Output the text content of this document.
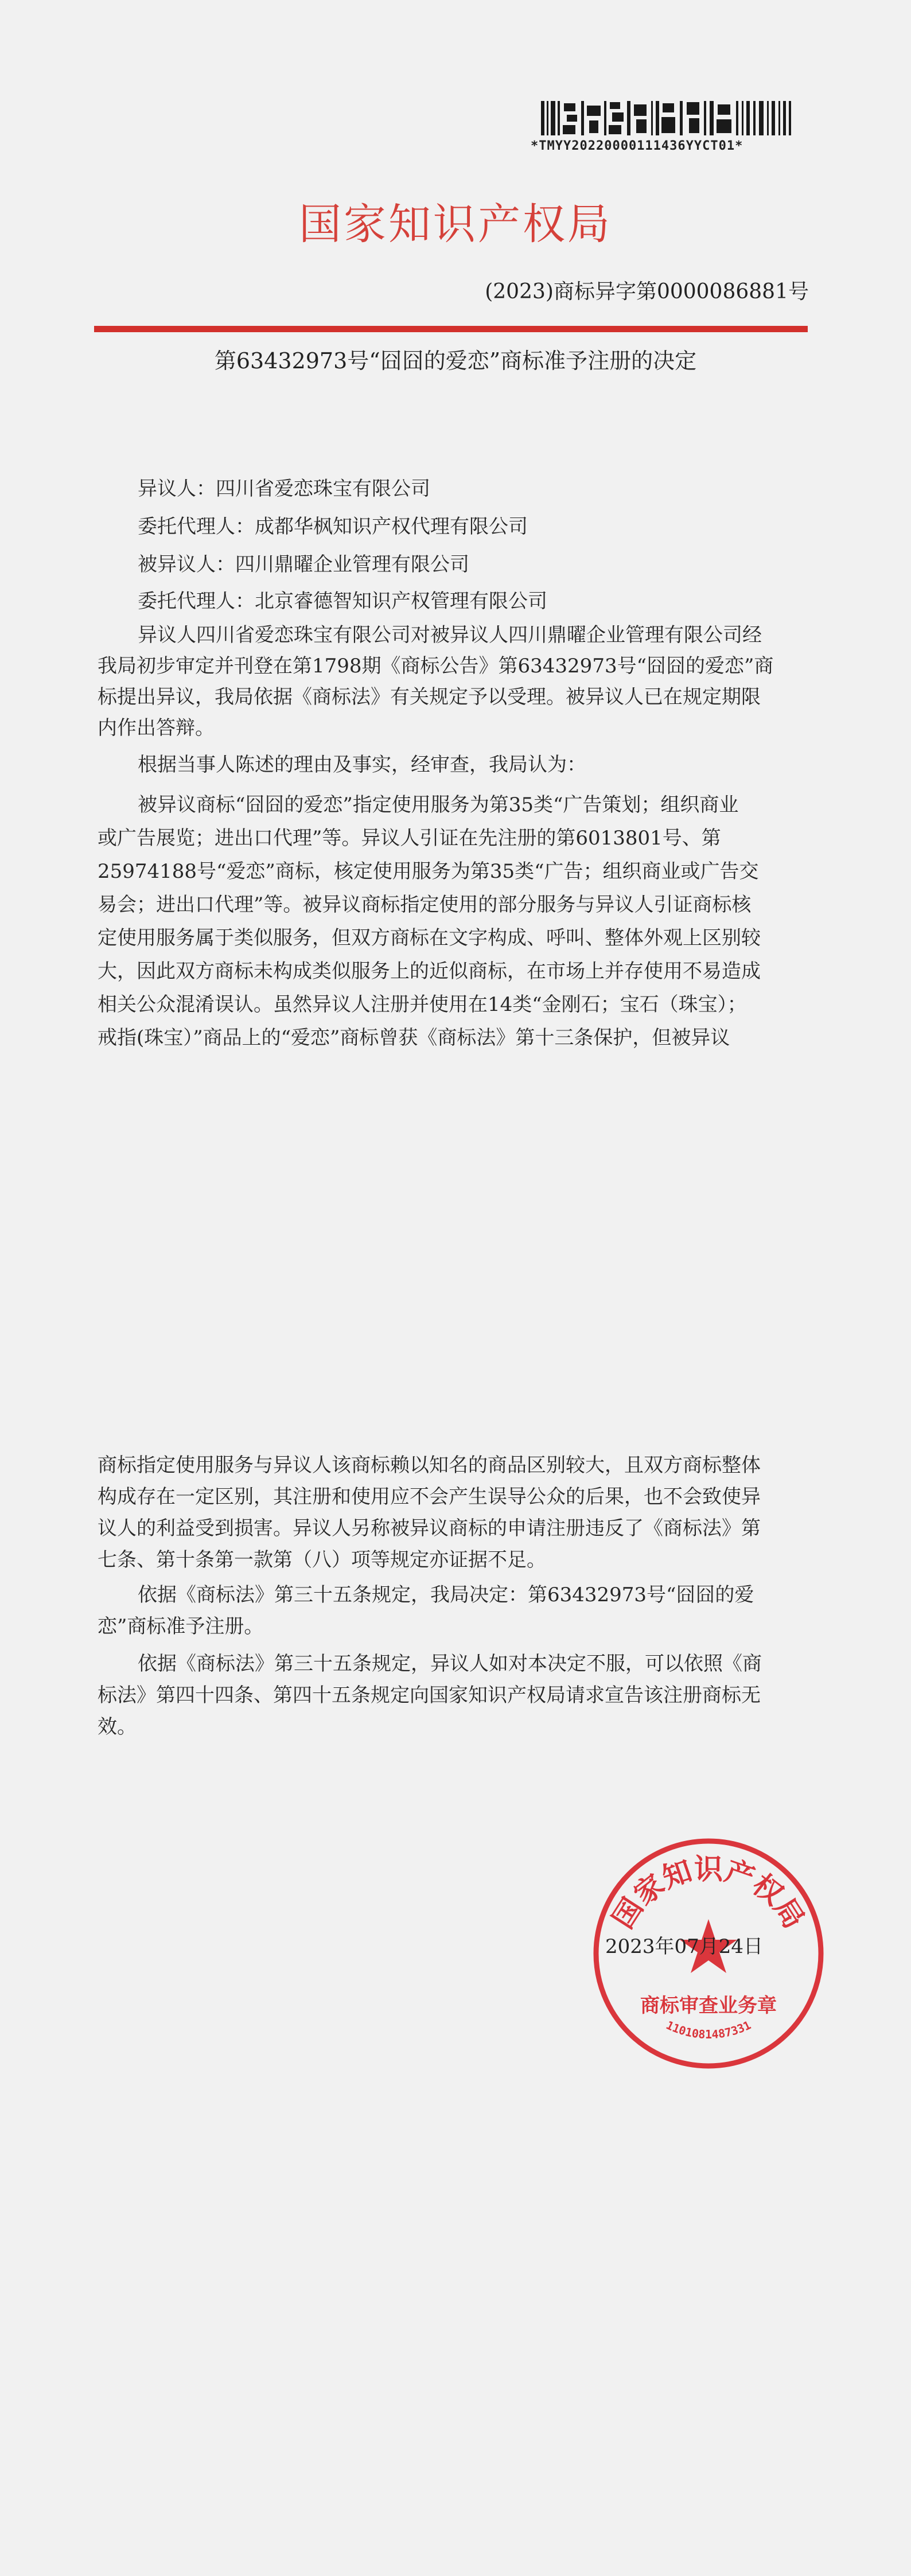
*TMYY20220000111436YYCT01*
国家知识产权局
(2023)商标异字第0000086881号
第63432973号“囧囧的爱恋”商标准予注册的决定
异议人：四川省爱恋珠宝有限公司
委托代理人：成都华枫知识产权代理有限公司
被异议人：四川鼎曜企业管理有限公司
委托代理人：北京睿德智知识产权管理有限公司
异议人四川省爱恋珠宝有限公司对被异议人四川鼎曜企业管理有限公司经
我局初步审定并刊登在第1798期《商标公告》第63432973号“囧囧的爱恋”商
标提出异议，我局依据《商标法》有关规定予以受理。被异议人已在规定期限
内作出答辩。
根据当事人陈述的理由及事实，经审查，我局认为：
被异议商标“囧囧的爱恋”指定使用服务为第35类“广告策划；组织商业
或广告展览；进出口代理”等。异议人引证在先注册的第6013801号、第
25974188号“爱恋”商标，核定使用服务为第35类“广告；组织商业或广告交
易会；进出口代理”等。被异议商标指定使用的部分服务与异议人引证商标核
定使用服务属于类似服务，但双方商标在文字构成、呼叫、整体外观上区别较
大，因此双方商标未构成类似服务上的近似商标，在市场上并存使用不易造成
相关公众混淆误认。虽然异议人注册并使用在14类“金刚石；宝石（珠宝）；
戒指(珠宝）”商品上的“爱恋”商标曾获《商标法》第十三条保护，但被异议
商标指定使用服务与异议人该商标赖以知名的商品区别较大，且双方商标整体
构成存在一定区别，其注册和使用应不会产生误导公众的后果，也不会致使异
议人的利益受到损害。异议人另称被异议商标的申请注册违反了《商标法》第
七条、第十条第一款第（八）项等规定亦证据不足。
依据《商标法》第三十五条规定，我局决定：第63432973号“囧囧的爱
恋”商标准予注册。
依据《商标法》第三十五条规定，异议人如对本决定不服，可以依照《商
标法》第四十四条、第四十五条规定向国家知识产权局请求宣告该注册商标无
效。
国家知识产权局
商标审查业务章
1101081487331
2023年07月24日
